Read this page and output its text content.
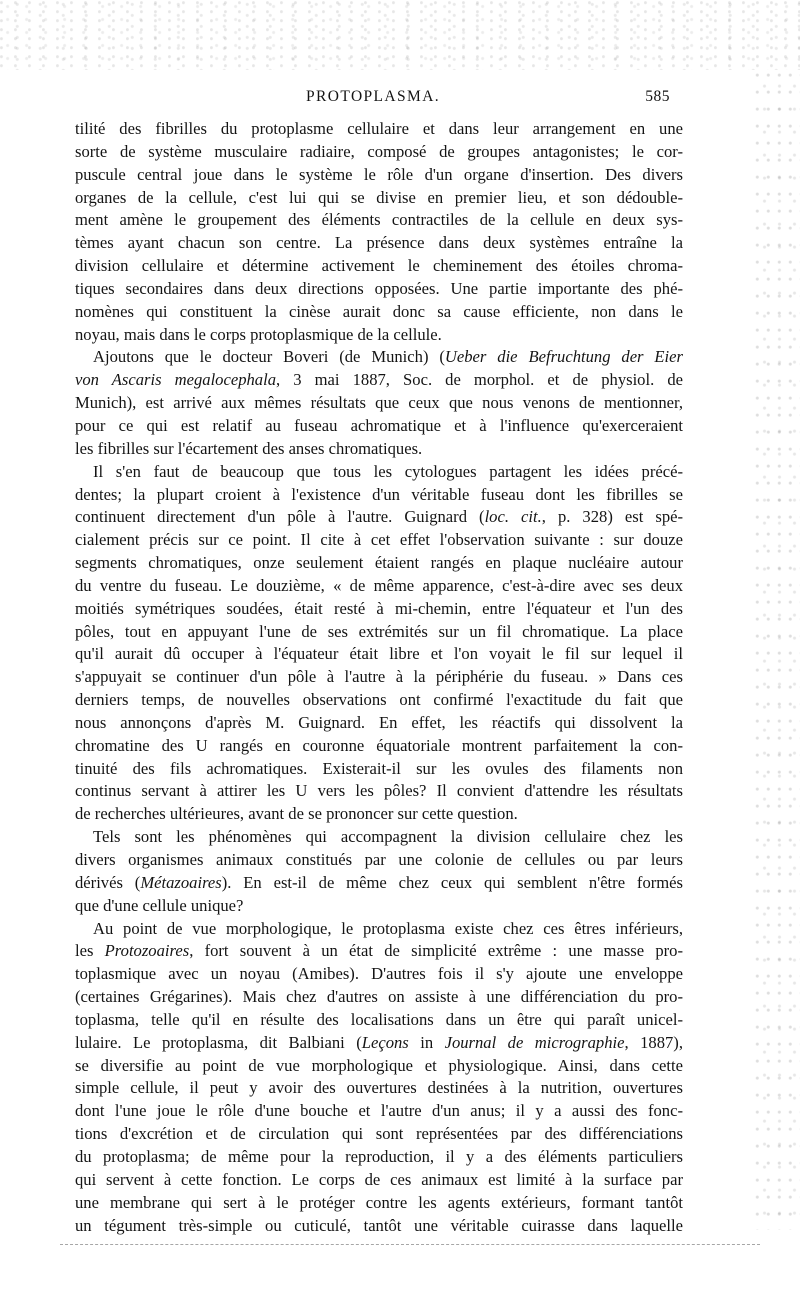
PROTOPLASMA.	585
tilité des fibrilles du protoplasme cellulaire et dans leur arrangement en une
sorte de système musculaire radiaire, composé de groupes antagonistes; le cor-
puscule central joue dans le système le rôle d'un organe d'insertion. Des divers
organes de la cellule, c'est lui qui se divise en premier lieu, et son dédouble-
ment amène le groupement des éléments contractiles de la cellule en deux sys-
tèmes ayant chacun son centre. La présence dans deux systèmes entraîne la
division cellulaire et détermine activement le cheminement des étoiles chroma-
tiques secondaires dans deux directions opposées. Une partie importante des phé-
nomènes qui constituent la cinèse aurait donc sa cause efficiente, non dans le
noyau, mais dans le corps protoplasmique de la cellule.
Ajoutons que le docteur Boveri (de Munich) (Ueber die Befruchtung der Eier
von Ascaris megalocephala, 3 mai 1887, Soc. de morphol. et de physiol. de
Munich), est arrivé aux mêmes résultats que ceux que nous venons de mentionner,
pour ce qui est relatif au fuseau achromatique et à l'influence qu'exerceraient
les fibrilles sur l'écartement des anses chromatiques.
Il s'en faut de beaucoup que tous les cytologues partagent les idées précé-
dentes; la plupart croient à l'existence d'un véritable fuseau dont les fibrilles se
continuent directement d'un pôle à l'autre. Guignard (loc. cit., p. 328) est spé-
cialement précis sur ce point. Il cite à cet effet l'observation suivante : sur douze
segments chromatiques, onze seulement étaient rangés en plaque nucléaire autour
du ventre du fuseau. Le douzième, « de même apparence, c'est-à-dire avec ses deux
moitiés symétriques soudées, était resté à mi-chemin, entre l'équateur et l'un des
pôles, tout en appuyant l'une de ses extrémités sur un fil chromatique. La place
qu'il aurait dû occuper à l'équateur était libre et l'on voyait le fil sur lequel il
s'appuyait se continuer d'un pôle à l'autre à la périphérie du fuseau. » Dans ces
derniers temps, de nouvelles observations ont confirmé l'exactitude du fait que
nous annonçons d'après M. Guignard. En effet, les réactifs qui dissolvent la
chromatine des U rangés en couronne équatoriale montrent parfaitement la con-
tinuité des fils achromatiques. Existerait-il sur les ovules des filaments non
continus servant à attirer les U vers les pôles? Il convient d'attendre les résultats
de recherches ultérieures, avant de se prononcer sur cette question.
Tels sont les phénomènes qui accompagnent la division cellulaire chez les
divers organismes animaux constitués par une colonie de cellules ou par leurs
dérivés (Métazoaires). En est-il de même chez ceux qui semblent n'être formés
que d'une cellule unique?
Au point de vue morphologique, le protoplasma existe chez ces êtres inférieurs,
les Protozoaires, fort souvent à un état de simplicité extrême : une masse pro-
toplasmique avec un noyau (Amibes). D'autres fois il s'y ajoute une enveloppe
(certaines Grégarines). Mais chez d'autres on assiste à une différenciation du pro-
toplasma, telle qu'il en résulte des localisations dans un être qui paraît unicel-
lulaire. Le protoplasma, dit Balbiani (Leçons in Journal de micrographie, 1887),
se diversifie au point de vue morphologique et physiologique. Ainsi, dans cette
simple cellule, il peut y avoir des ouvertures destinées à la nutrition, ouvertures
dont l'une joue le rôle d'une bouche et l'autre d'un anus; il y a aussi des fonc-
tions d'excrétion et de circulation qui sont représentées par des différenciations
du protoplasma; de même pour la reproduction, il y a des éléments particuliers
qui servent à cette fonction. Le corps de ces animaux est limité à la surface par
une membrane qui sert à le protéger contre les agents extérieurs, formant tantôt
un tégument très-simple ou cuticulé, tantôt une véritable cuirasse dans laquelle
